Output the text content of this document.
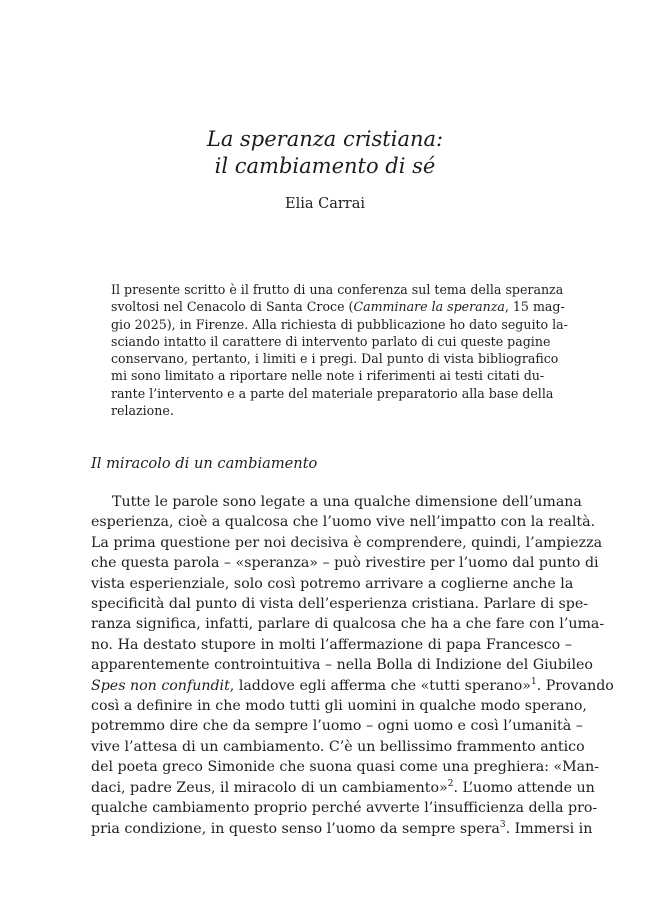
La speranza cristiana:
il cambiamento di sé
Elia Carrai
Il presente scritto è il frutto di una conferenza sul tema della speranza
svoltosi nel Cenacolo di Santa Croce (Camminare la speranza, 15 mag-
gio 2025), in Firenze. Alla richiesta di pubblicazione ho dato seguito la-
sciando intatto il carattere di intervento parlato di cui queste pagine
conservano, pertanto, i limiti e i pregi. Dal punto di vista bibliografico
mi sono limitato a riportare nelle note i riferimenti ai testi citati du-
rante l’intervento e a parte del materiale preparatorio alla base della
relazione.
Il miracolo di un cambiamento
Tutte le parole sono legate a una qualche dimensione dell’umana
esperienza, cioè a qualcosa che l’uomo vive nell’impatto con la realtà.
La prima questione per noi decisiva è comprendere, quindi, l’ampiezza
che questa parola – «speranza» – può rivestire per l’uomo dal punto di
vista esperienziale, solo così potremo arrivare a coglierne anche la
specificità dal punto di vista dell’esperienza cristiana. Parlare di spe-
ranza significa, infatti, parlare di qualcosa che ha a che fare con l’uma-
no. Ha destato stupore in molti l’affermazione di papa Francesco –
apparentemente controintuitiva – nella Bolla di Indizione del Giubileo
Spes non confundit, laddove egli afferma che «tutti sperano»$^1$. Provando
così a definire in che modo tutti gli uomini in qualche modo sperano,
potremmo dire che da sempre l’uomo – ogni uomo e così l’umanità –
vive l’attesa di un cambiamento. C’è un bellissimo frammento antico
del poeta greco Simonide che suona quasi come una preghiera: «Man-
daci, padre Zeus, il miracolo di un cambiamento»$^2$. L’uomo attende un
qualche cambiamento proprio perché avverte l’insufficienza della pro-
pria condizione, in questo senso l’uomo da sempre spera$^3$. Immersi in
